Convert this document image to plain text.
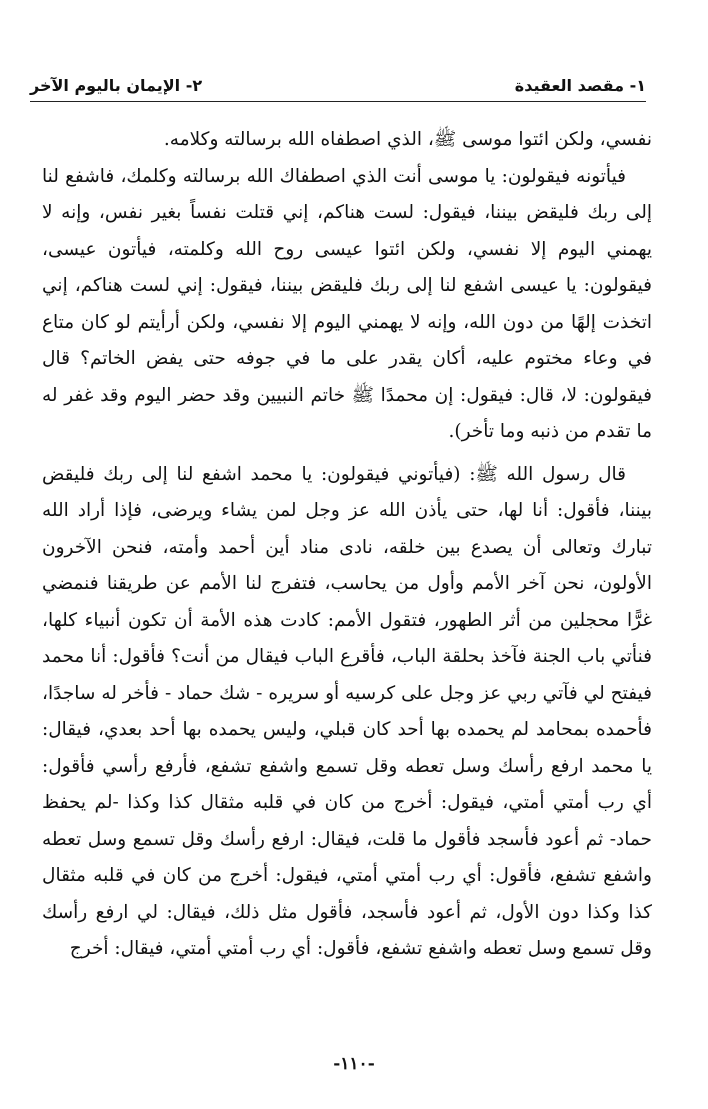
١- مقصد العقيدة
٢- الإيمان باليوم الآخر

نفسي، ولكن ائتوا موسى ﷺ، الذي اصطفاه الله برسالته وكلامه.

فيأتونه فيقولون: يا موسى أنت الذي اصطفاك الله برسالته وكلمك، فاشفع لنا إلى ربك فليقض بيننا، فيقول: لست هناكم، إني قتلت نفساً بغير نفس، وإنه لا يهمني اليوم إلا نفسي، ولكن ائتوا عيسى روح الله وكلمته، فيأتون عيسى، فيقولون: يا عيسى اشفع لنا إلى ربك فليقض بيننا، فيقول: إني لست هناكم، إني اتخذت إلهًا من دون الله، وإنه لا يهمني اليوم إلا نفسي، ولكن أرأيتم لو كان متاع في وعاء مختوم عليه، أكان يقدر على ما في جوفه حتى يفض الخاتم؟ قال فيقولون: لا، قال: فيقول: إن محمدًا ﷺ خاتم النبيين وقد حضر اليوم وقد غفر له ما تقدم من ذنبه وما تأخر).

قال رسول الله ﷺ: (فيأتوني فيقولون: يا محمد اشفع لنا إلى ربك فليقض بيننا، فأقول: أنا لها، حتى يأذن الله عز وجل لمن يشاء ويرضى، فإذا أراد الله تبارك وتعالى أن يصدع بين خلقه، نادى مناد أين أحمد وأمته، فنحن الآخرون الأولون، نحن آخر الأمم وأول من يحاسب، فتفرج لنا الأمم عن طريقنا فنمضي غرًّا محجلين من أثر الطهور، فتقول الأمم: كادت هذه الأمة أن تكون أنبياء كلها، فنأتي باب الجنة فآخذ بحلقة الباب، فأقرع الباب فيقال من أنت؟ فأقول: أنا محمد فيفتح لي فآتي ربي عز وجل على كرسيه أو سريره - شك حماد - فأخر له ساجدًا، فأحمده بمحامد لم يحمده بها أحد كان قبلي، وليس يحمده بها أحد بعدي، فيقال: يا محمد ارفع رأسك وسل تعطه وقل تسمع واشفع تشفع، فأرفع رأسي فأقول: أي رب أمتي أمتي، فيقول: أخرج من كان في قلبه مثقال كذا وكذا -لم يحفظ حماد- ثم أعود فأسجد فأقول ما قلت، فيقال: ارفع رأسك وقل تسمع وسل تعطه واشفع تشفع، فأقول: أي رب أمتي أمتي، فيقول: أخرج من كان في قلبه مثقال كذا وكذا دون الأول، ثم أعود فأسجد، فأقول مثل ذلك، فيقال: لي ارفع رأسك وقل تسمع وسل تعطه واشفع تشفع، فأقول: أي رب أمتي أمتي، فيقال: أخرج

-١١٠-
